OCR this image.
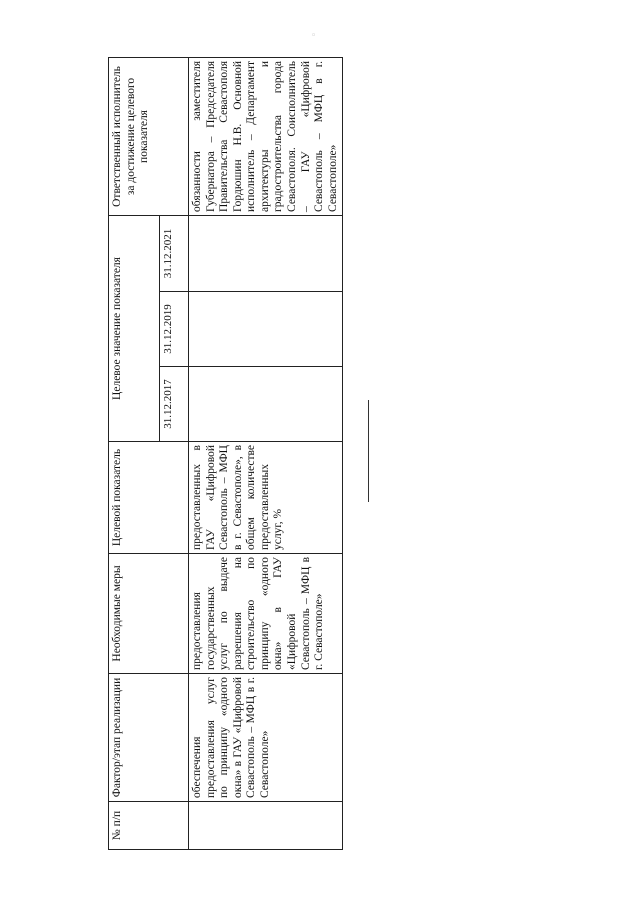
№ п/п	Фактор/этап реализации	Необходимые меры	Целевой показатель	Целевое значение показателя			Ответственный исполнитель за достижение целевого показателя
				31.12.2017	31.12.2019	31.12.2021	
	обеспечения предоставления услуг по принципу «одного окна» в ГАУ «Цифровой Севастополь – МФЦ в г. Севастополе»	предоставления государственных услуг по выдаче разрешения на строительство по принципу «одного окна» в ГАУ «Цифровой Севастополь – МФЦ в г. Севастополе»	предоставленных в ГАУ «Цифровой Севастополь – МФЦ в г. Севастополе», в общем количестве предоставленных услуг, %				обязанности заместителя Губернатора – Председателя Правительства Севастополя Гордюшин Н.В. Основной исполнитель – Департамент архитектуры и градостроительства города Севастополя. Соисполнитель – ГАУ «Цифровой Севастополь – МФЦ в г. Севастополе»
◦
